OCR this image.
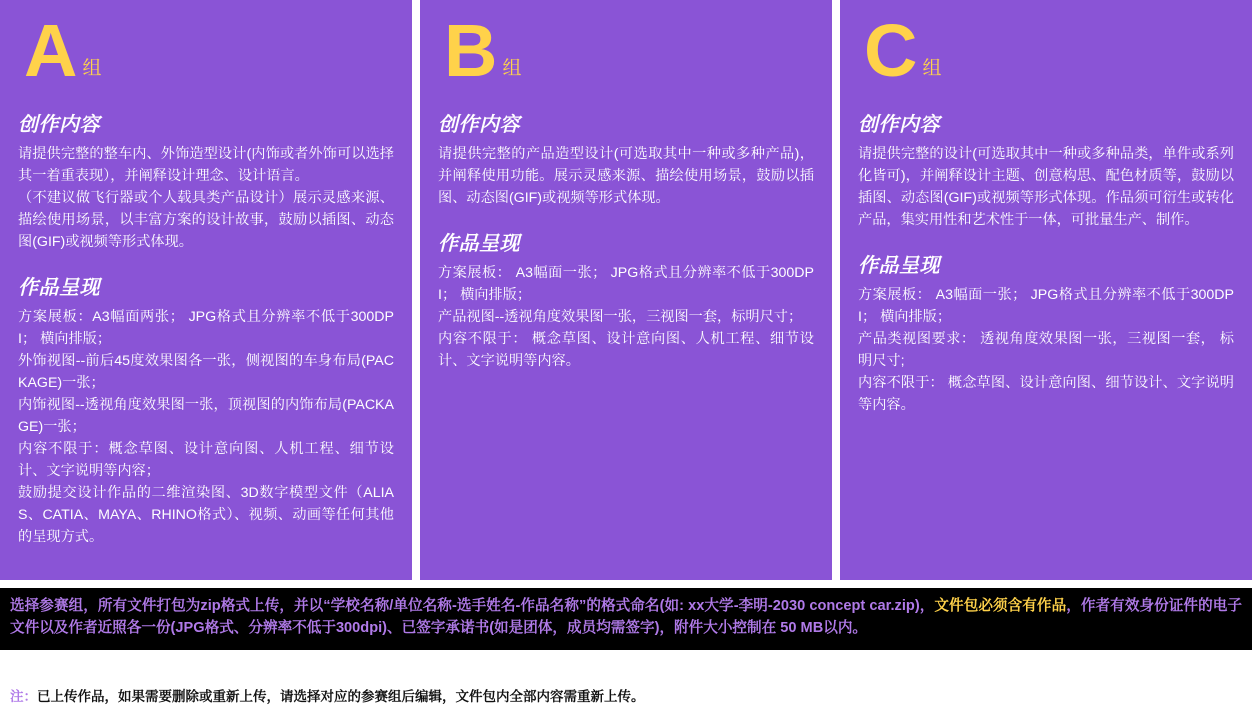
A 组
创作内容

请提供完整的整车内、外饰造型设计(内饰或者外饰可以选择其一着重表现），并阐释设计理念、设计语言。

（不建议做飞行器或个人载具类产品设计）展示灵感来源、描绘使用场景，以丰富方案的设计故事，鼓励以插图、动态图(GIF)或视频等形式体现。

作品呈现

方案展板：A3幅面两张； JPG格式且分辨率不低于300DPI； 横向排版；

外饰视图--前后45度效果图各一张，侧视图的车身布局(PACKAGE)一张；

内饰视图--透视角度效果图一张，顶视图的内饰布局(PACKAGE)一张；

内容不限于：概念草图、设计意向图、人机工程、细节设计、文字说明等内容；

鼓励提交设计作品的二维渲染图、3D数字模型文件（ALIAS、CATIA、MAYA、RHINO格式）、视频、动画等任何其他的呈现方式。

B 组
创作内容

请提供完整的产品造型设计(可选取其中一种或多种产品)，并阐释使用功能。展示灵感来源、描绘使用场景，鼓励以插图、动态图(GIF)或视频等形式体现。

作品呈现

方案展板： A3幅面一张； JPG格式且分辨率不低于300DPI； 横向排版；

产品视图--透视角度效果图一张，三视图一套，标明尺寸；

内容不限于： 概念草图、设计意向图、人机工程、细节设计、文字说明等内容。

C 组
创作内容

请提供完整的设计(可选取其中一种或多种品类，单件或系列化皆可)，并阐释设计主题、创意构思、配色材质等，鼓励以插图、动态图(GIF)或视频等形式体现。作品须可衍生或转化产品，集实用性和艺术性于一体，可批量生产、制作。

作品呈现

方案展板： A3幅面一张； JPG格式且分辨率不低于300DPI； 横向排版；

产品类视图要求： 透视角度效果图一张，三视图一套， 标明尺寸;

内容不限于： 概念草图、设计意向图、细节设计、文字说明等内容。

选择参赛组，所有文件打包为zip格式上传，并以“学校名称/单位名称-选手姓名-作品名称”的格式命名(如: xx大学-李明-2030 concept car.zip)，文件包必须含有作品，作者有效身份证件的电子文件以及作者近照各一份(JPG格式、分辨率不低于300dpi)、已签字承诺书(如是团体，成员均需签字)，附件大小控制在 50 MB以内。
注：已上传作品，如果需要删除或重新上传，请选择对应的参赛组后编辑，文件包内全部内容需重新上传。
